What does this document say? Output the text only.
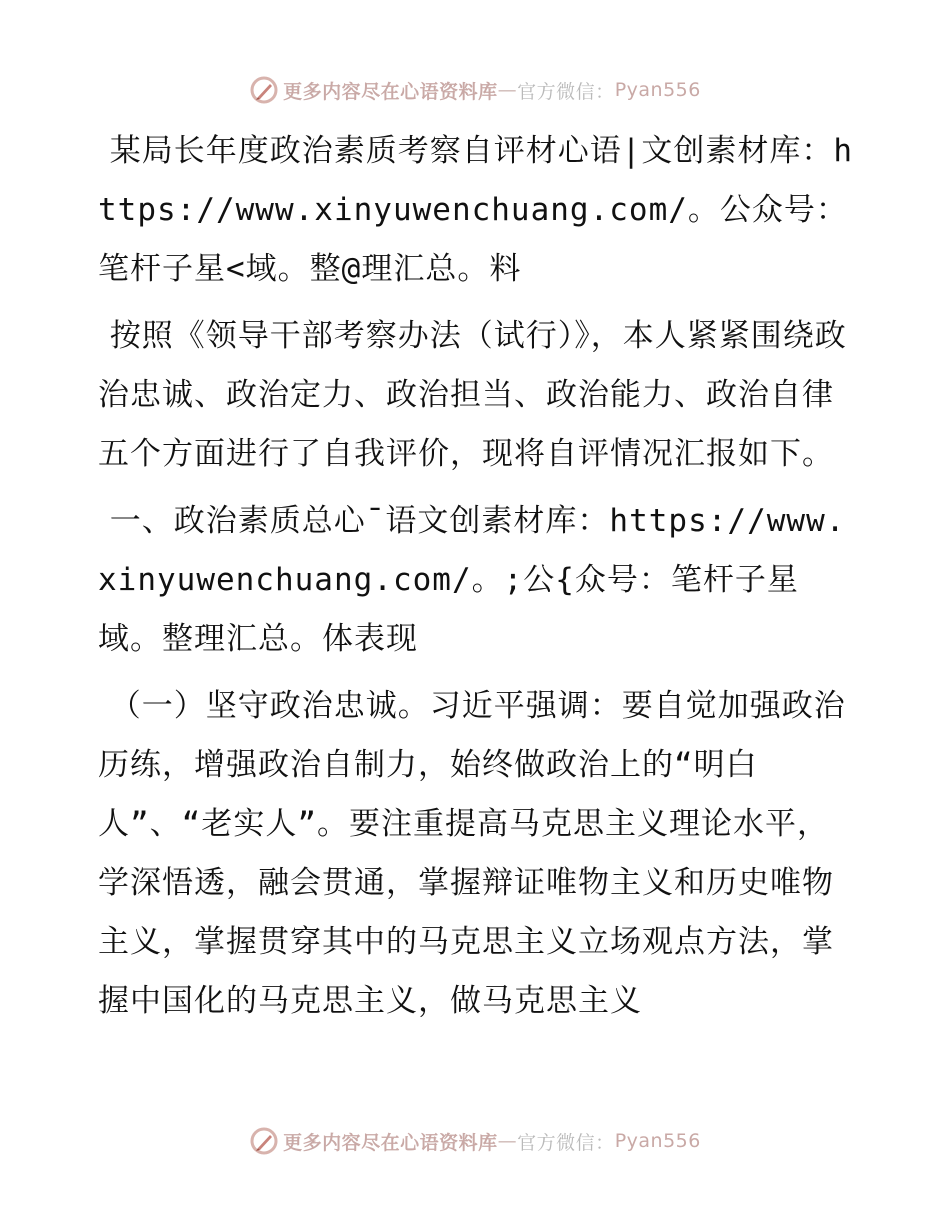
更多内容尽在心语资料库 — 官方微信： Pyan556

某局长年度政治素质考察自评材心语|文创素材库：https://www.xinyuwenchuang.com/。公众号：笔杆子星<域。整@理汇总。料

按照《领导干部考察办法（试行）》，本人紧紧围绕政治忠诚、政治定力、政治担当、政治能力、政治自律五个方面进行了自我评价，现将自评情况汇报如下。

一、政治素质总心¯语文创素材库：https://www.xinyuwenchuang.com/。;公{众号：笔杆子星域。整理汇总。体表现

（一）坚守政治忠诚。习近平强调：要自觉加强政治历练，增强政治自制力，始终做政治上的“明白人”、“老实人”。要注重提高马克思主义理论水平，学深悟透，融会贯通，掌握辩证唯物主义和历史唯物主义，掌握贯穿其中的马克思主义立场观点方法，掌握中国化的马克思主义，做马克思主义

更多内容尽在心语资料库 — 官方微信： Pyan556
